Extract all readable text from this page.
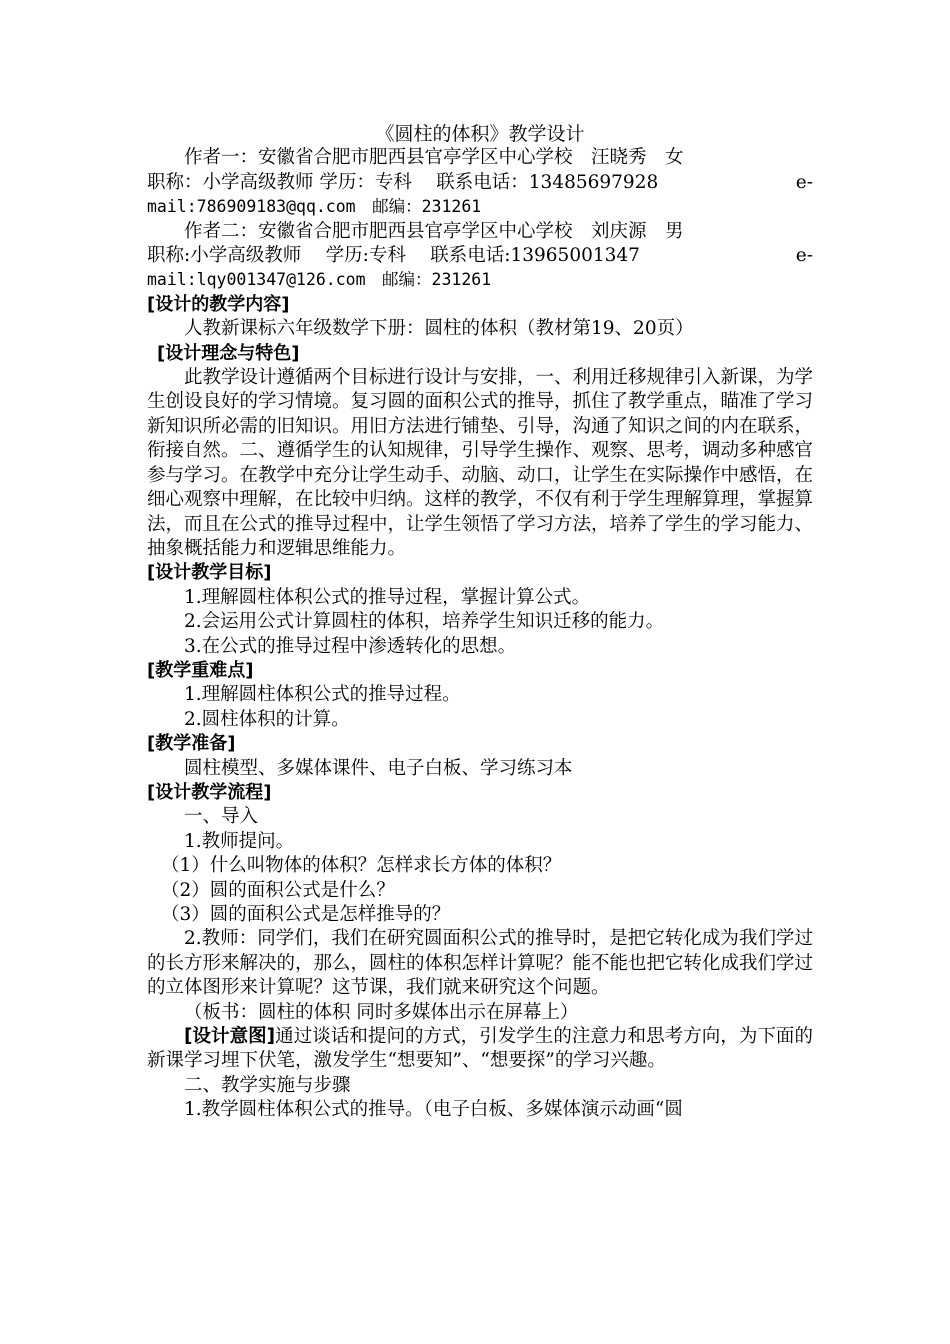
《圆柱的体积》教学设计

作者一：安徽省合肥市肥西县官亭学区中心学校　汪晓秀　女

职称：小学高级教师 学历：专科　 联系电话：13485697928	e-

mail:786909183@qq.com　邮编：231261

作者二：安徽省合肥市肥西县官亭学区中心学校　刘庆源　男

职称:小学高级教师　 学历:专科　 联系电话:13965001347	e-

mail:lqy001347@126.com　邮编：231261

[设计的教学内容]

人教新课标六年级数学下册：圆柱的体积（教材第19、20页）

[设计理念与特色]

此教学设计遵循两个目标进行设计与安排，一、利用迁移规律引入新课，为学生创设良好的学习情境。复习圆的面积公式的推导，抓住了教学重点，瞄准了学习新知识所必需的旧知识。用旧方法进行铺垫、引导，沟通了知识之间的内在联系，衔接自然。二、遵循学生的认知规律，引导学生操作、观察、思考，调动多种感官参与学习。在教学中充分让学生动手、动脑、动口，让学生在实际操作中感悟，在细心观察中理解，在比较中归纳。这样的教学，不仅有利于学生理解算理，掌握算法，而且在公式的推导过程中，让学生领悟了学习方法，培养了学生的学习能力、抽象概括能力和逻辑思维能力。

[设计教学目标]

1.理解圆柱体积公式的推导过程，掌握计算公式。

2.会运用公式计算圆柱的体积，培养学生知识迁移的能力。

3.在公式的推导过程中渗透转化的思想。

[教学重难点]

1.理解圆柱体积公式的推导过程。

2.圆柱体积的计算。

[教学准备]

圆柱模型、多媒体课件、电子白板、学习练习本

[设计教学流程]

一、导入

1.教师提问。

（1）什么叫物体的体积？怎样求长方体的体积？

（2）圆的面积公式是什么？

（3）圆的面积公式是怎样推导的？

2.教师：同学们，我们在研究圆面积公式的推导时，是把它转化成为我们学过的长方形来解决的，那么，圆柱的体积怎样计算呢？能不能也把它转化成我们学过的立体图形来计算呢？这节课，我们就来研究这个问题。

（板书：圆柱的体积 同时多媒体出示在屏幕上）

[设计意图]通过谈话和提问的方式，引发学生的注意力和思考方向，为下面的新课学习埋下伏笔，激发学生“想要知”、“想要探”的学习兴趣。

二、教学实施与步骤

1.教学圆柱体积公式的推导。（电子白板、多媒体演示动画“圆
